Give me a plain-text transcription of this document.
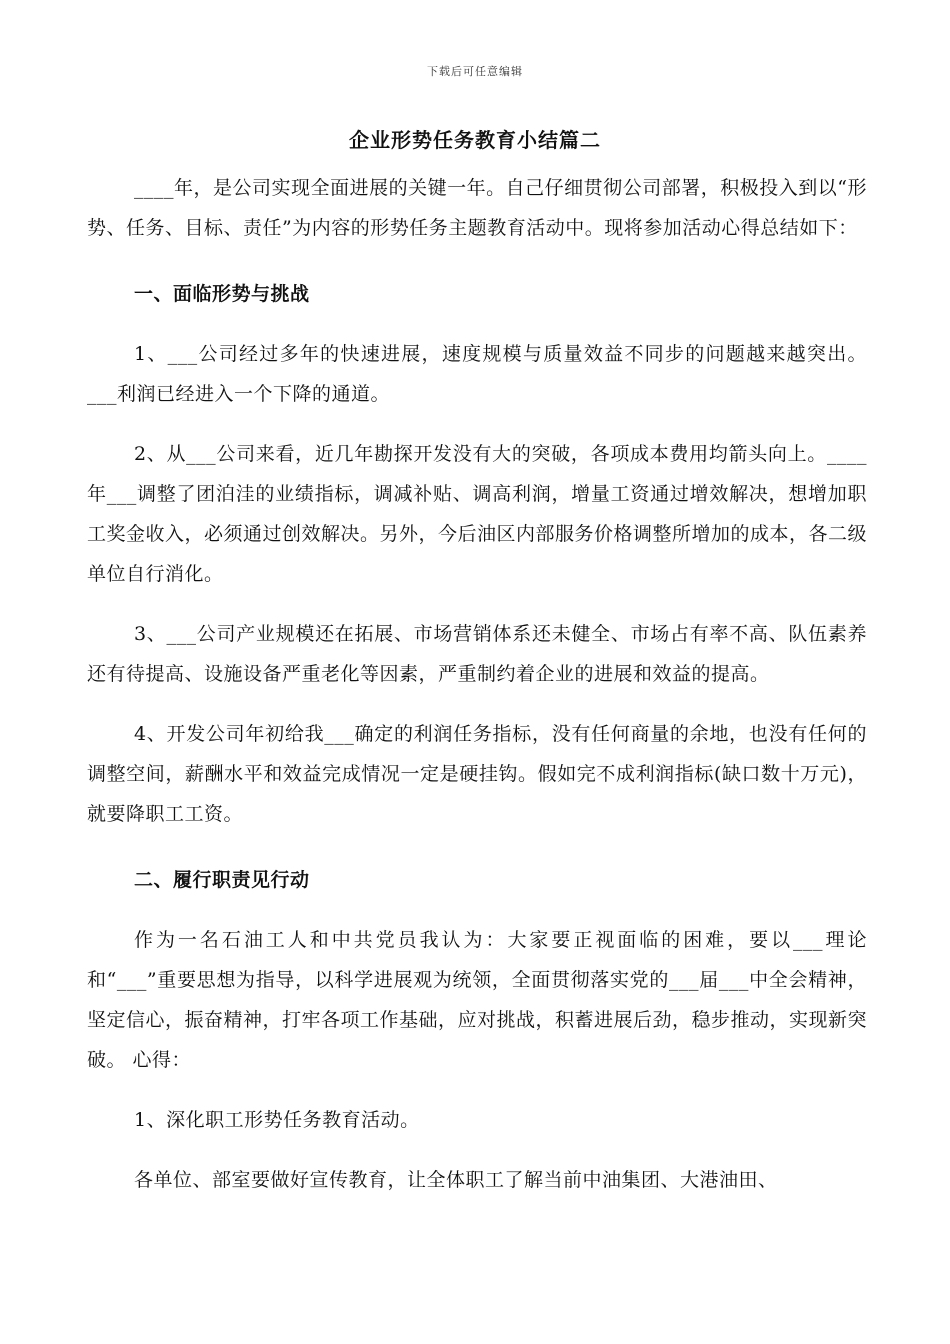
下载后可任意编辑
企业形势任务教育小结篇二

____年，是公司实现全面进展的关键一年。自己仔细贯彻公司部署，积极投入到以“形势、任务、目标、责任”为内容的形势任务主题教育活动中。现将参加活动心得总结如下：

一、面临形势与挑战

1、___公司经过多年的快速进展，速度规模与质量效益不同步的问题越来越突出。___利润已经进入一个下降的通道。

2、从___公司来看，近几年勘探开发没有大的突破，各项成本费用均箭头向上。____年___调整了团泊洼的业绩指标，调减补贴、调高利润，增量工资通过增效解决，想增加职工奖金收入，必须通过创效解决。另外，今后油区内部服务价格调整所增加的成本，各二级单位自行消化。

3、___公司产业规模还在拓展、市场营销体系还未健全、市场占有率不高、队伍素养还有待提高、设施设备严重老化等因素，严重制约着企业的进展和效益的提高。

4、开发公司年初给我___确定的利润任务指标，没有任何商量的余地，也没有任何的调整空间，薪酬水平和效益完成情况一定是硬挂钩。假如完不成利润指标(缺口数十万元)，就要降职工工资。

二、履行职责见行动

作为一名石油工人和中共党员我认为：大家要正视面临的困难，要以___理论和“___”重要思想为指导，以科学进展观为统领，全面贯彻落实党的___届___中全会精神，坚定信心，振奋精神，打牢各项工作基础，应对挑战，积蓄进展后劲，稳步推动，实现新突破。 心得：

1、深化职工形势任务教育活动。

各单位、部室要做好宣传教育，让全体职工了解当前中油集团、大港油田、
